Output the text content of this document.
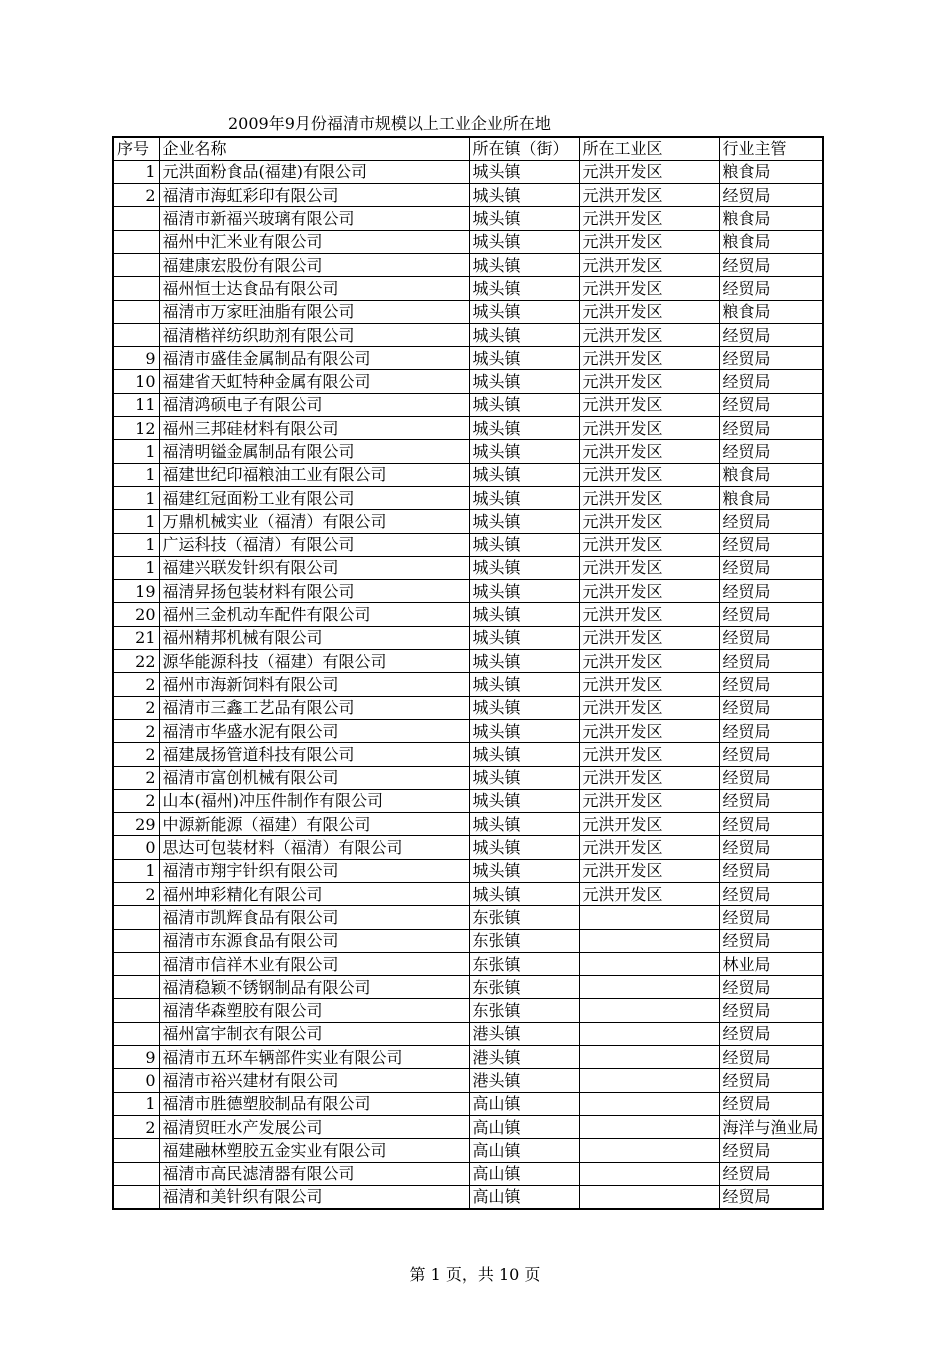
2009年9月份福清市规模以上工业企业所在地
序号	企业名称	所在镇（街）	所在工业区	行业主管
1	元洪面粉食品(福建)有限公司	城头镇	元洪开发区	粮食局
2	福清市海虹彩印有限公司	城头镇	元洪开发区	经贸局
	福清市新福兴玻璃有限公司	城头镇	元洪开发区	粮食局
	福州中汇米业有限公司	城头镇	元洪开发区	粮食局
	福建康宏股份有限公司	城头镇	元洪开发区	经贸局
	福州恒士达食品有限公司	城头镇	元洪开发区	经贸局
	福清市万家旺油脂有限公司	城头镇	元洪开发区	粮食局
	福清楷祥纺织助剂有限公司	城头镇	元洪开发区	经贸局
9	福清市盛佳金属制品有限公司	城头镇	元洪开发区	经贸局
10	福建省天虹特种金属有限公司	城头镇	元洪开发区	经贸局
11	福清鸿硕电子有限公司	城头镇	元洪开发区	经贸局
12	福州三邦硅材料有限公司	城头镇	元洪开发区	经贸局
1	福清明镒金属制品有限公司	城头镇	元洪开发区	经贸局
1	福建世纪印福粮油工业有限公司	城头镇	元洪开发区	粮食局
1	福建红冠面粉工业有限公司	城头镇	元洪开发区	粮食局
1	万鼎机械实业（福清）有限公司	城头镇	元洪开发区	经贸局
1	广运科技（福清）有限公司	城头镇	元洪开发区	经贸局
1	福建兴联发针织有限公司	城头镇	元洪开发区	经贸局
19	福清昇扬包装材料有限公司	城头镇	元洪开发区	经贸局
20	福州三金机动车配件有限公司	城头镇	元洪开发区	经贸局
21	福州精邦机械有限公司	城头镇	元洪开发区	经贸局
22	源华能源科技（福建）有限公司	城头镇	元洪开发区	经贸局
2	福州市海新饲料有限公司	城头镇	元洪开发区	经贸局
2	福清市三鑫工艺品有限公司	城头镇	元洪开发区	经贸局
2	福清市华盛水泥有限公司	城头镇	元洪开发区	经贸局
2	福建晟扬管道科技有限公司	城头镇	元洪开发区	经贸局
2	福清市富创机械有限公司	城头镇	元洪开发区	经贸局
2	山本(福州)冲压件制作有限公司	城头镇	元洪开发区	经贸局
29	中源新能源（福建）有限公司	城头镇	元洪开发区	经贸局
0	思达可包装材料（福清）有限公司	城头镇	元洪开发区	经贸局
1	福清市翔宇针织有限公司	城头镇	元洪开发区	经贸局
2	福州坤彩精化有限公司	城头镇	元洪开发区	经贸局
	福清市凯辉食品有限公司	东张镇		经贸局
	福清市东源食品有限公司	东张镇		经贸局
	福清市信祥木业有限公司	东张镇		林业局
	福清稳颖不锈钢制品有限公司	东张镇		经贸局
	福清华森塑胶有限公司	东张镇		经贸局
	福州富宇制衣有限公司	港头镇		经贸局
9	福清市五环车辆部件实业有限公司	港头镇		经贸局
0	福清市裕兴建材有限公司	港头镇		经贸局
1	福清市胜德塑胶制品有限公司	高山镇		经贸局
2	福清贸旺水产发展公司	高山镇		海洋与渔业局
	福建融林塑胶五金实业有限公司	高山镇		经贸局
	福清市高民滤清器有限公司	高山镇		经贸局
	福清和美针织有限公司	高山镇		经贸局
第 1 页，共 10 页
